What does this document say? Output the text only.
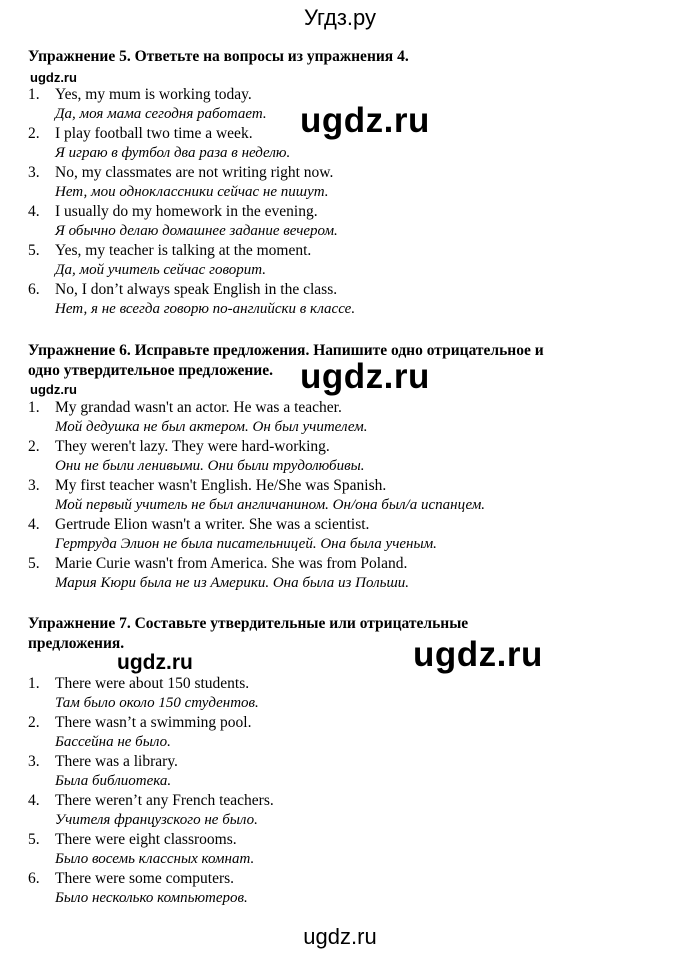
Угдз.ру
Упражнение 5. Ответьте на вопросы из упражнения 4.
ugdz.ru
1. Yes, my mum is working today.
Да, моя мама сегодня работает.
2. I play football two time a week.
Я играю в футбол два раза в неделю.
3. No, my classmates are not writing right now.
Нет, мои одноклассники сейчас не пишут.
4. I usually do my homework in the evening.
Я обычно делаю домашнее задание вечером.
5. Yes, my teacher is talking at the moment.
Да, мой учитель сейчас говорит.
6. No, I don’t always speak English in the class.
Нет, я не всегда говорю по-английски в классе.
ugdz.ru
Упражнение 6. Исправьте предложения. Напишите одно отрицательное и
одно утвердительное предложение.
ugdz.ru
1. My grandad wasn't an actor. He was a teacher.
Мой дедушка не был актером. Он был учителем.
2. They weren't lazy. They were hard-working.
Они не были ленивыми. Они были трудолюбивы.
3. My first teacher wasn't English. He/She was Spanish.
Мой первый учитель не был англичанином. Он/она был/а испанцем.
4. Gertrude Elion wasn't a writer. She was a scientist.
Гертруда Элион не была писательницей. Она была ученым.
5. Marie Curie wasn't from America. She was from Poland.
Мария Кюри была не из Америки. Она была из Польши.
ugdz.ru
Упражнение 7. Составьте утвердительные или отрицательные
предложения.
ugdz.ru
1. There were about 150 students.
Там было около 150 студентов.
2. There wasn’t a swimming pool.
Бассейна не было.
3. There was a library.
Была библиотека.
4. There weren’t any French teachers.
Учителя французского не было.
5. There were eight classrooms.
Было восемь классных комнат.
6. There were some computers.
Было несколько компьютеров.
ugdz.ru
ugdz.ru
